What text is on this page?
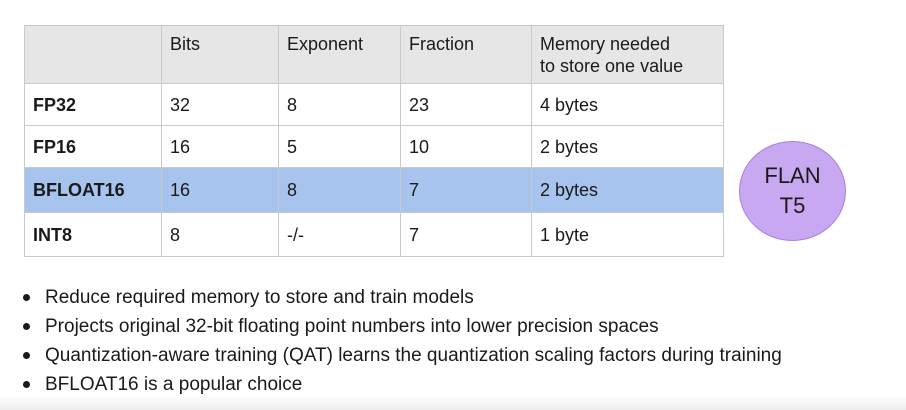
	Bits	Exponent	Fraction	Memory needed
to store one value

FP32	32	8	23	4 bytes
FP16	16	5	10	2 bytes
BFLOAT16	16	8	7	2 bytes
INT8	8	-/-	7	1 byte
FLAN
T5
Reduce required memory to store and train models
Projects original 32-bit floating point numbers into lower precision spaces
Quantization-aware training (QAT) learns the quantization scaling factors during training
BFLOAT16 is a popular choice
